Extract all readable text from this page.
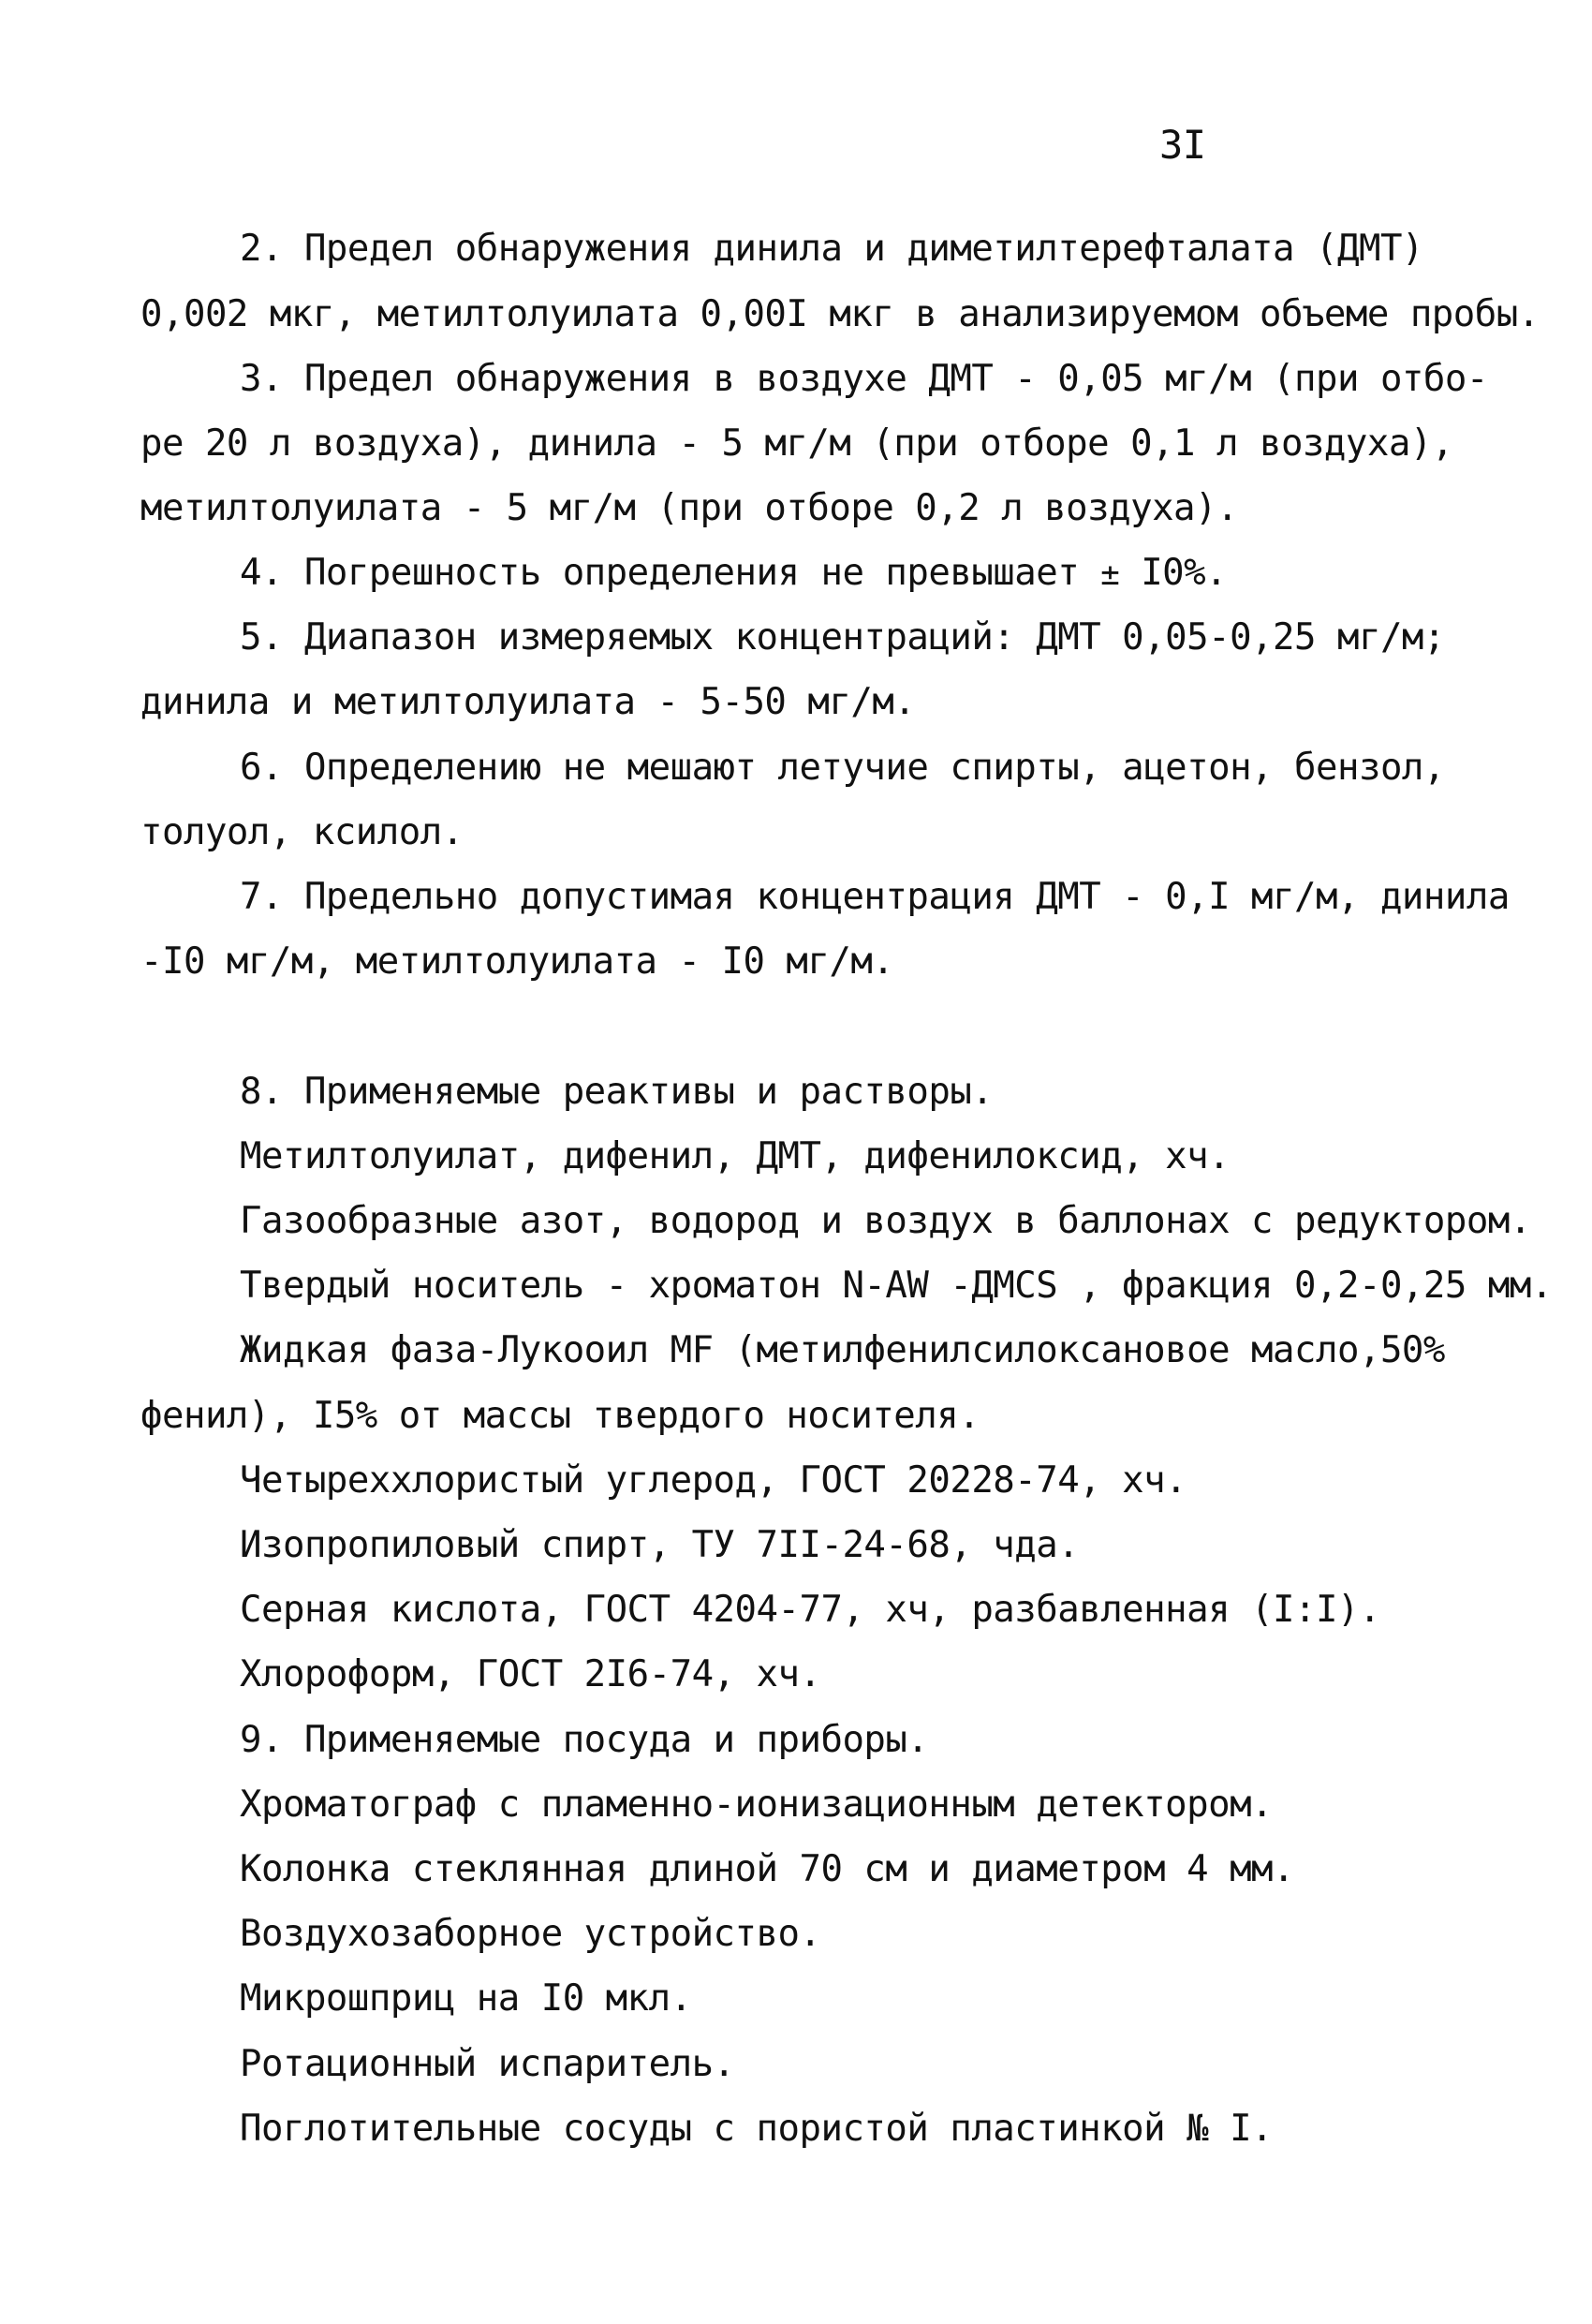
3I
2. Предел обнаружения динила и диметилтерефталата (ДМТ)
0,002 мкг, метилтолуилата 0,00I мкг в анализируемом объеме пробы.
3. Предел обнаружения в воздухе ДМТ - 0,05 мг/м (при отбо-
ре 20 л воздуха), динила - 5 мг/м (при отборе 0,1 л воздуха),
метилтолуилата - 5 мг/м (при отборе 0,2 л воздуха).
4. Погрешность определения не превышает ± I0%.
5. Диапазон измеряемых концентраций: ДМТ 0,05-0,25 мг/м;
динила и метилтолуилата - 5-50 мг/м.
6. Определению не мешают летучие спирты, ацетон, бензол,
толуол, ксилол.
7. Предельно допустимая концентрация ДМТ - 0,I мг/м, динила
-I0 мг/м, метилтолуилата - I0 мг/м.
8. Применяемые реактивы и растворы.
Метилтолуилат, дифенил, ДМТ, дифенилоксид, хч.
Газообразные азот, водород и воздух в баллонах с редуктором.
Твердый носитель - хроматон N-AW -ДМСS , фракция 0,2-0,25 мм.
Жидкая фаза-Лукооил МF (метилфенилсилоксановое масло,50%
фенил), I5% от массы твердого носителя.
Четыреххлористый углерод, ГОСТ 20228-74, хч.
Изопропиловый спирт, ТУ 7II-24-68, чда.
Серная кислота, ГОСТ 4204-77, хч, разбавленная (I:I).
Хлороформ, ГОСТ 2I6-74, хч.
9. Применяемые посуда и приборы.
Хроматограф с пламенно-ионизационным детектором.
Колонка стеклянная длиной 70 см и диаметром 4 мм.
Воздухозаборное устройство.
Микрошприц на I0 мкл.
Ротационный испаритель.
Поглотительные сосуды с пористой пластинкой № I.
